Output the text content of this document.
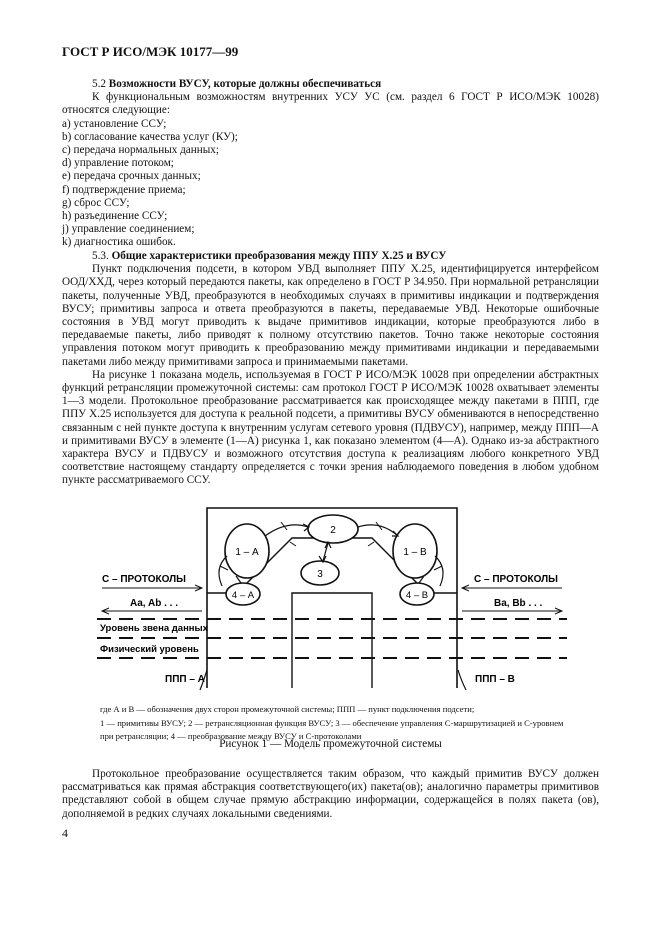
ГОСТ Р ИСО/МЭК 10177—99
5.2 Возможности ВУСУ, которые должны обеспечиваться

К функциональным возможностям внутренних УСУ УС (см. раздел 6 ГОСТ Р ИСО/МЭК 10028) относятся следующие:

a) установление ССУ;
b) согласование качества услуг (КУ);
c) передача нормальных данных;
d) управление потоком;
e) передача срочных данных;
f) подтверждение приема;
g) сброс ССУ;
h) разъединение ССУ;
j) управление соединением;
k) диагностика ошибок.
5.3. Общие характеристики преобразования между ППУ Х.25 и ВУСУ

Пункт подключения подсети, в котором УВД выполняет ППУ Х.25, идентифицируется интерфейсом ООД/ХХД, через который передаются пакеты, как определено в ГОСТ Р 34.950. При нормальной ретрансляции пакеты, полученные УВД, преобразуются в необходимых случаях в примитивы индикации и подтверждения ВУСУ; примитивы запроса и ответа преобразуются в пакеты, передаваемые УВД. Некоторые ошибочные состояния в УВД могут приводить к выдаче примитивов индикации, которые преобразуются либо в передаваемые пакеты, либо приводят к полному отсутствию пакетов. Точно также некоторые состояния управления потоком могут приводить к преобразованию между примитивами индикации и передаваемыми пакетами либо между примитивами запроса и принимаемыми пакетами.

На рисунке 1 показана модель, используемая в ГОСТ Р ИСО/МЭК 10028 при определении абстрактных функций ретрансляции промежуточной системы: сам протокол ГОСТ Р ИСО/МЭК 10028 охватывает элементы 1—3 модели. Протокольное преобразование рассматривается как происходящее между пакетами в ППП, где ППУ Х.25 используется для доступа к реальной подсети, а примитивы ВУСУ обмениваются в непосредственно связанным с ней пункте доступа к внутренним услугам сетевого уровня (ПДВУСУ), например, между ППП—А и примитивами ВУСУ в элементе (1—А) рисунка 1, как показано элементом (4—А). Однако из-за абстрактного характера ВУСУ и ПДВУСУ и возможного отсутствия доступа к реализациям любого конкретного УВД соответствие настоящему стандарту определяется с точки зрения наблюдаемого поведения в любом удобном пункте рассматриваемого ССУ.

1 – А	1 – В
2
3
4 – А	4 – В
С – ПРОТОКОЛЫ	С – ПРОТОКОЛЫ
Aa, Ab . . .	Ba, Bb . . .
Уровень звена данных
Физический уровень
ППП – А	ППП – В

где А и В — обозначения двух сторон промежуточной системы; ППП — пункт подключения подсети;

1 — примитивы ВУСУ; 2 — ретрансляционная функция ВУСУ; 3 — обеспечение управления С-маршрутизацией и С-уровнем при ретрансляции; 4 — преобразование между ВУСУ и С-протоколами

Рисунок 1 — Модель промежуточной системы

Протокольное преобразование осуществляется таким образом, что каждый примитив ВУСУ должен рассматриваться как прямая абстракция соответствующего(их) пакета(ов); аналогично параметры примитивов представляют собой в общем случае прямую абстракцию информации, содержащейся в полях пакета (ов), дополняемой в редких случаях локальными сведениями.

4
